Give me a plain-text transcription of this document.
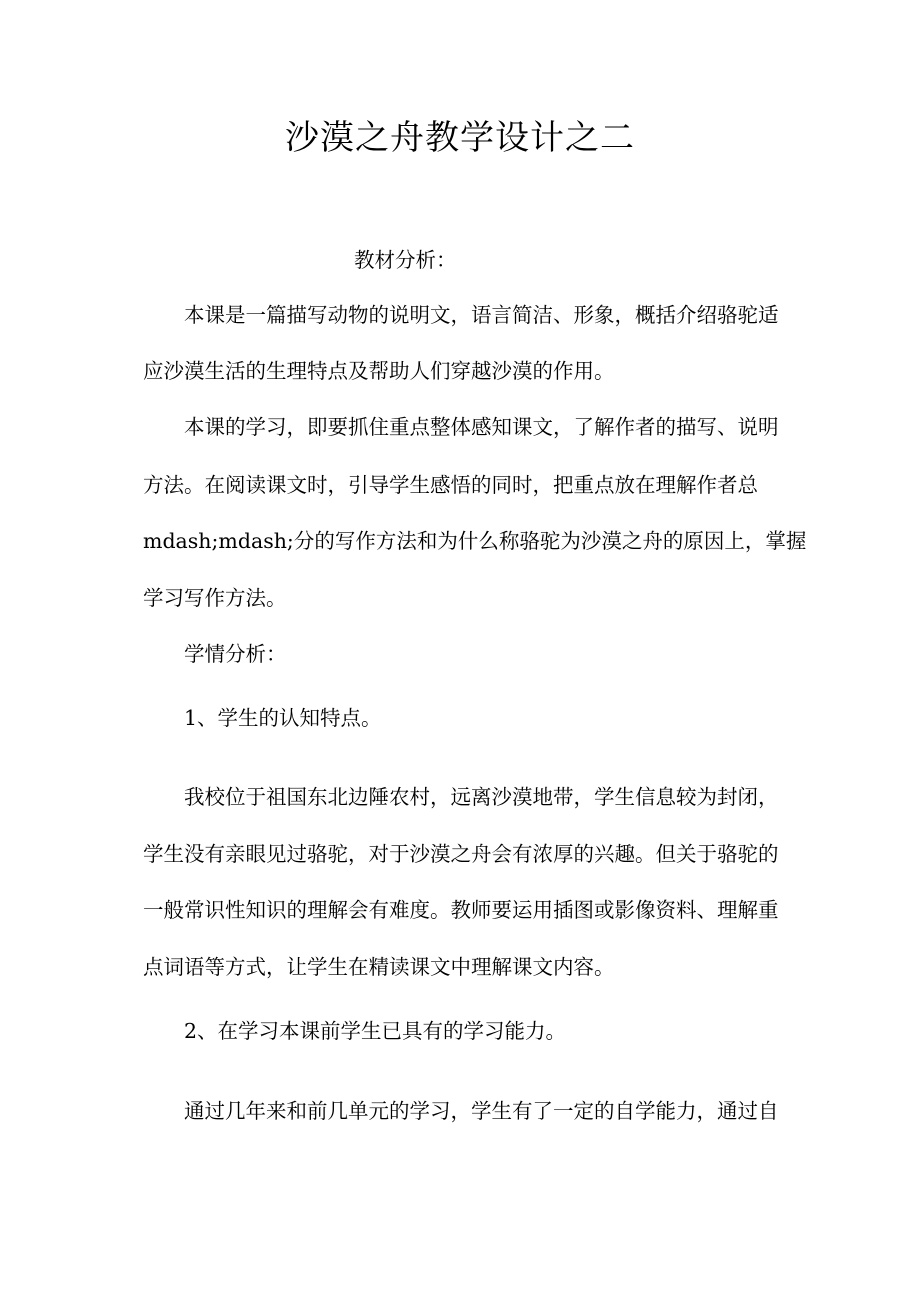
沙漠之舟教学设计之二
教材分析：
本课是一篇描写动物的说明文，语言简洁、形象，概括介绍骆驼适
应沙漠生活的生理特点及帮助人们穿越沙漠的作用。
本课的学习，即要抓住重点整体感知课文，了解作者的描写、说明
方法。在阅读课文时，引导学生感悟的同时，把重点放在理解作者总
mdash;mdash;分的写作方法和为什么称骆驼为沙漠之舟的原因上，掌握
学习写作方法。
学情分析：
1、学生的认知特点。
我校位于祖国东北边陲农村，远离沙漠地带，学生信息较为封闭，
学生没有亲眼见过骆驼，对于沙漠之舟会有浓厚的兴趣。但关于骆驼的
一般常识性知识的理解会有难度。教师要运用插图或影像资料、理解重
点词语等方式，让学生在精读课文中理解课文内容。
2、在学习本课前学生已具有的学习能力。
通过几年来和前几单元的学习，学生有了一定的自学能力，通过自
